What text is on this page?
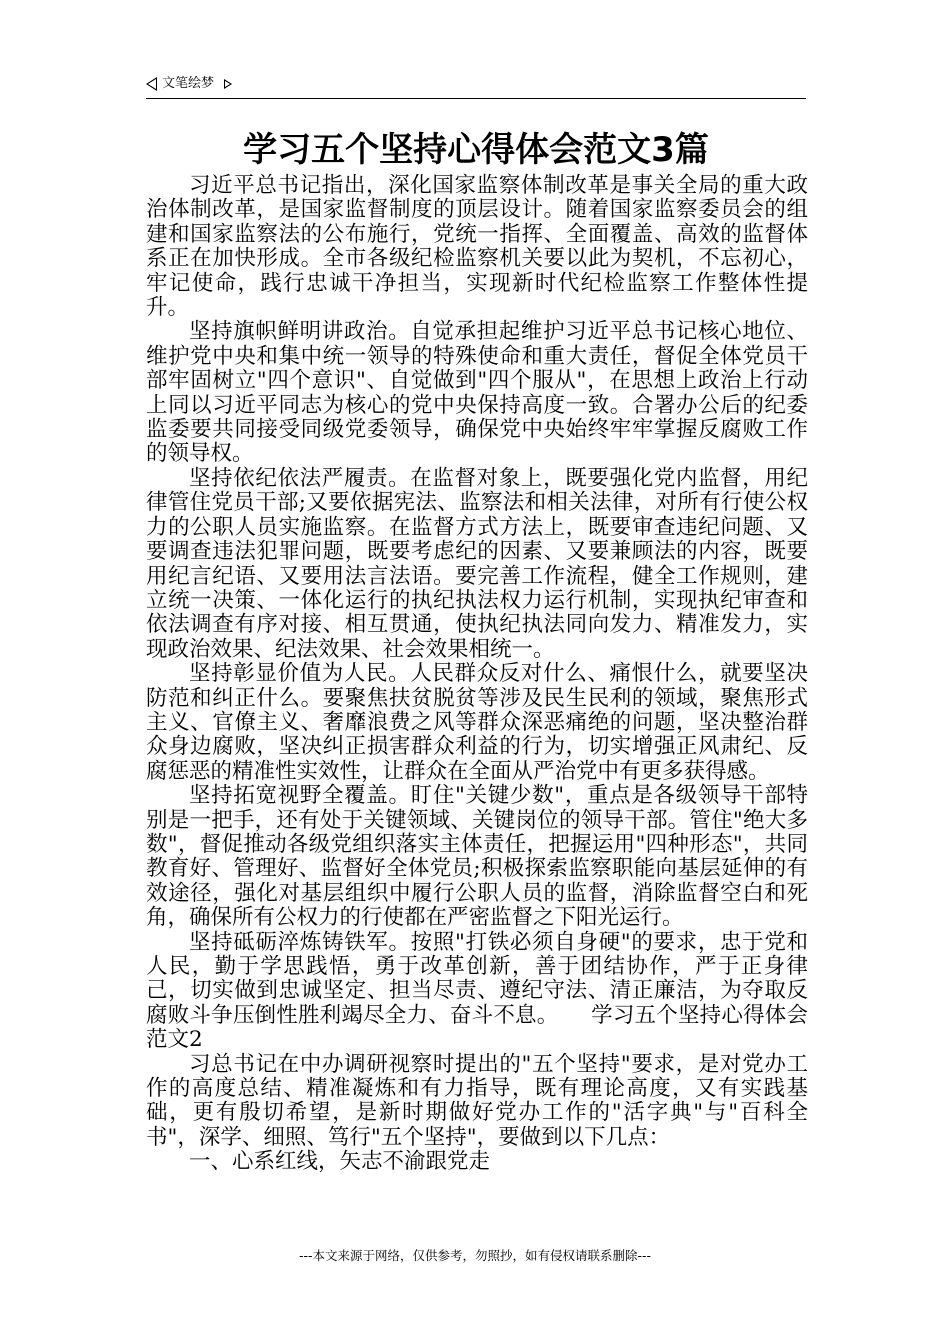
文笔绘梦
学习五个坚持心得体会范文3篇

习近平总书记指出，深化国家监察体制改革是事关全局的重大政治体制改革，是国家监督制度的顶层设计。随着国家监察委员会的组建和国家监察法的公布施行，党统一指挥、全面覆盖、高效的监督体系正在加快形成。全市各级纪检监察机关要以此为契机，不忘初心，牢记使命，践行忠诚干净担当，实现新时代纪检监察工作整体性提升。

坚持旗帜鲜明讲政治。自觉承担起维护习近平总书记核心地位、维护党中央和集中统一领导的特殊使命和重大责任，督促全体党员干部牢固树立"四个意识"、自觉做到"四个服从"，在思想上政治上行动上同以习近平同志为核心的党中央保持高度一致。合署办公后的纪委监委要共同接受同级党委领导，确保党中央始终牢牢掌握反腐败工作的领导权。

坚持依纪依法严履责。在监督对象上，既要强化党内监督，用纪律管住党员干部;又要依据宪法、监察法和相关法律，对所有行使公权力的公职人员实施监察。在监督方式方法上，既要审查违纪问题、又要调查违法犯罪问题，既要考虑纪的因素、又要兼顾法的内容，既要用纪言纪语、又要用法言法语。要完善工作流程，健全工作规则，建立统一决策、一体化运行的执纪执法权力运行机制，实现执纪审查和依法调查有序对接、相互贯通，使执纪执法同向发力、精准发力，实现政治效果、纪法效果、社会效果相统一。

坚持彰显价值为人民。人民群众反对什么、痛恨什么，就要坚决防范和纠正什么。要聚焦扶贫脱贫等涉及民生民利的领域，聚焦形式主义、官僚主义、奢靡浪费之风等群众深恶痛绝的问题，坚决整治群众身边腐败，坚决纠正损害群众利益的行为，切实增强正风肃纪、反腐惩恶的精准性实效性，让群众在全面从严治党中有更多获得感。

坚持拓宽视野全覆盖。盯住"关键少数"，重点是各级领导干部特别是一把手，还有处于关键领域、关键岗位的领导干部。管住"绝大多数"，督促推动各级党组织落实主体责任，把握运用"四种形态"，共同教育好、管理好、监督好全体党员;积极探索监察职能向基层延伸的有效途径，强化对基层组织中履行公职人员的监督，消除监督空白和死角，确保所有公权力的行使都在严密监督之下阳光运行。

坚持砥砺淬炼铸铁军。按照"打铁必须自身硬"的要求，忠于党和人民，勤于学思践悟，勇于改革创新，善于团结协作，严于正身律己，切实做到忠诚坚定、担当尽责、遵纪守法、清正廉洁，为夺取反腐败斗争压倒性胜利竭尽全力、奋斗不息。　　学习五个坚持心得体会范文2

习总书记在中办调研视察时提出的"五个坚持"要求，是对党办工作的高度总结、精准凝炼和有力指导，既有理论高度，又有实践基础，更有殷切希望，是新时期做好党办工作的"活字典"与"百科全书"，深学、细照、笃行"五个坚持"，要做到以下几点：

一、心系红线，矢志不渝跟党走

---本文来源于网络，仅供参考，勿照抄，如有侵权请联系删除---
